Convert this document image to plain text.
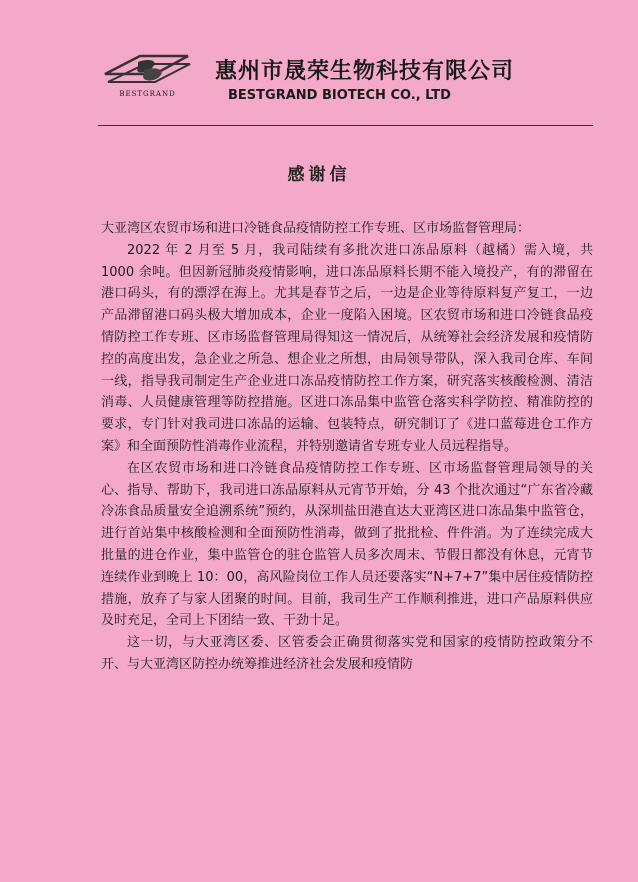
BESTGRAND
惠州市晟荣生物科技有限公司
BESTGRAND BIOTECH CO., LTD
感谢信

大亚湾区农贸市场和进口冷链食品疫情防控工作专班、区市场监督管理局：

2022 年 2 月至 5 月，我司陆续有多批次进口冻品原料（越橘）需入境，共 1000 余吨。但因新冠肺炎疫情影响，进口冻品原料长期不能入境投产，有的滞留在港口码头，有的漂浮在海上。尤其是春节之后，一边是企业等待原料复产复工，一边产品滞留港口码头极大增加成本，企业一度陷入困境。区农贸市场和进口冷链食品疫情防控工作专班、区市场监督管理局得知这一情况后，从统筹社会经济发展和疫情防控的高度出发，急企业之所急、想企业之所想，由局领导带队，深入我司仓库、车间一线，指导我司制定生产企业进口冻品疫情防控工作方案，研究落实核酸检测、清洁消毒、人员健康管理等防控措施。区进口冻品集中监管仓落实科学防控、精准防控的要求，专门针对我司进口冻品的运输、包装特点，研究制订了《进口蓝莓进仓工作方案》和全面预防性消毒作业流程，并特别邀请省专班专业人员远程指导。

在区农贸市场和进口冷链食品疫情防控工作专班、区市场监督管理局领导的关心、指导、帮助下，我司进口冻品原料从元宵节开始，分 43 个批次通过“广东省冷藏冷冻食品质量安全追溯系统”预约，从深圳盐田港直达大亚湾区进口冻品集中监管仓，进行首站集中核酸检测和全面预防性消毒，做到了批批检、件件消。为了连续完成大批量的进仓作业，集中监管仓的驻仓监管人员多次周末、节假日都没有休息，元宵节连续作业到晚上 10：00，高风险岗位工作人员还要落实“N+7+7”集中居住疫情防控措施，放弃了与家人团聚的时间。目前，我司生产工作顺利推进，进口产品原料供应及时充足，全司上下团结一致、干劲十足。

这一切，与大亚湾区委、区管委会正确贯彻落实党和国家的疫情防控政策分不开、与大亚湾区防控办统筹推进经济社会发展和疫情防
